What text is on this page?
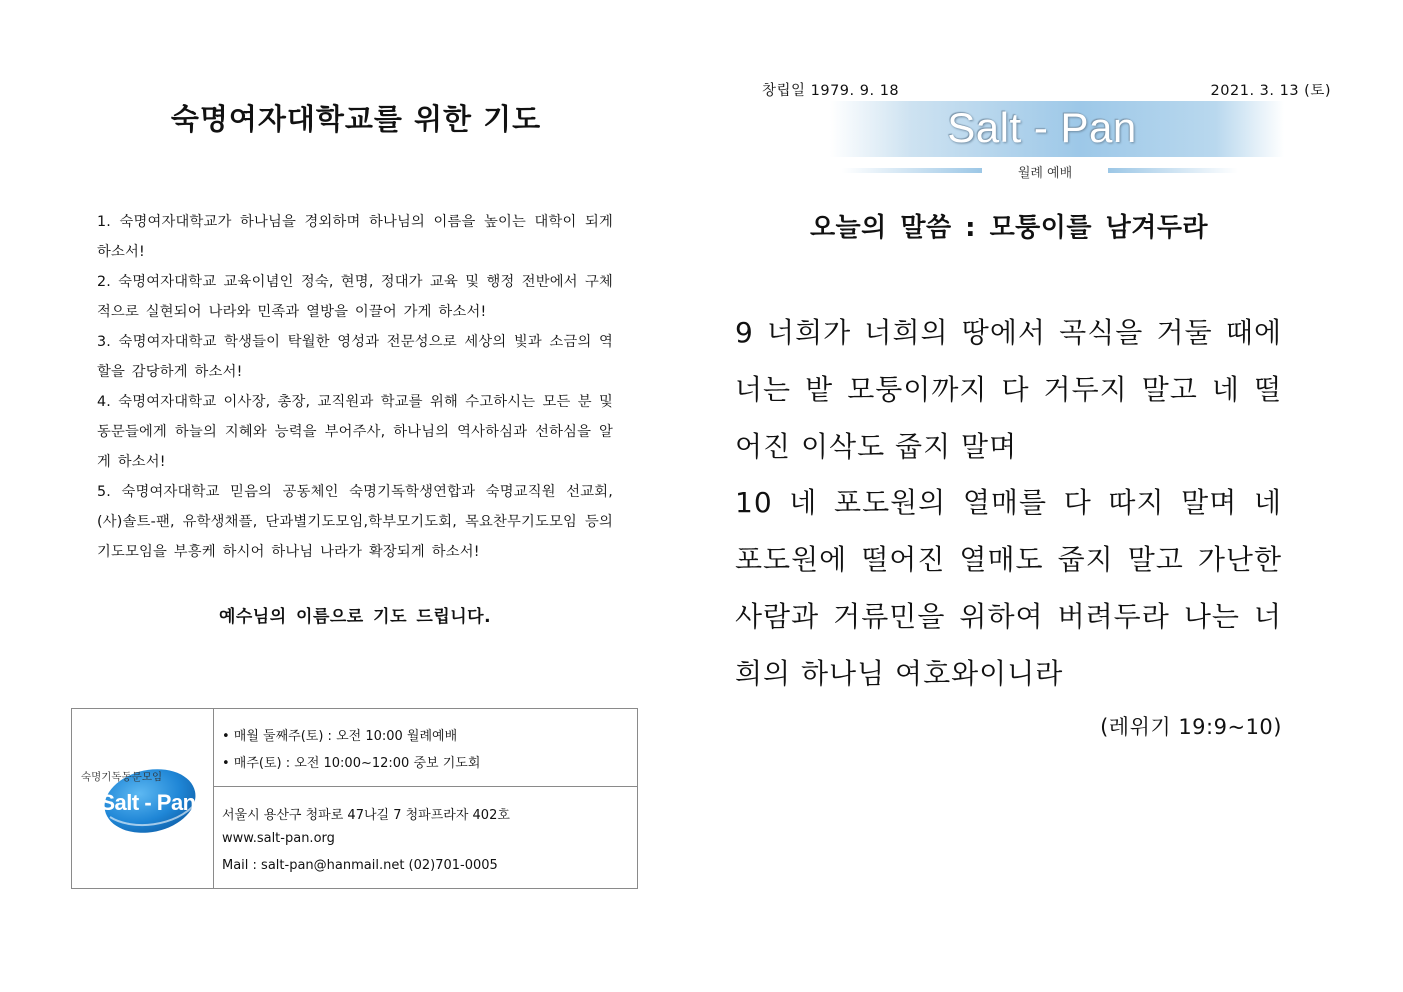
숙명여자대학교를 위한 기도
1. 숙명여자대학교가 하나님을 경외하며 하나님의 이름을 높이는 대학이 되게 하소서!
2. 숙명여자대학교 교육이념인 정숙, 현명, 정대가 교육 및 행정 전반에서 구체적으로 실현되어 나라와 민족과 열방을 이끌어 가게 하소서!
3. 숙명여자대학교 학생들이 탁월한 영성과 전문성으로 세상의 빛과 소금의 역할을 감당하게 하소서!
4. 숙명여자대학교 이사장, 총장, 교직원과 학교를 위해 수고하시는 모든 분 및 동문들에게 하늘의 지혜와 능력을 부어주사, 하나님의 역사하심과 선하심을 알게 하소서!
5. 숙명여자대학교 믿음의 공동체인 숙명기독학생연합과 숙명교직원 선교회, (사)솔트-팬, 유학생채플, 단과별기도모임,학부모기도회, 목요찬무기도모임 등의 기도모임을 부흥케 하시어 하나님 나라가 확장되게 하소서!
예수님의 이름으로 기도 드립니다.
숙명기독동문모임
Salt - Pan
• 매월 둘째주(토) : 오전 10:00 월례예배
• 매주(토) : 오전 10:00~12:00 중보 기도회
서울시 용산구 청파로 47나길 7 청파프라자 402호
www.salt-pan.org
Mail : salt-pan@hanmail.net (02)701-0005
창립일 1979. 9. 18	2021. 3. 13 (토)
Salt - Pan
월례 예배
오늘의 말씀 : 모퉁이를 남겨두라
9 너희가 너희의 땅에서 곡식을 거둘 때에
너는 밭 모퉁이까지 다 거두지 말고 네 떨
어진 이삭도 줍지 말며
10 네 포도원의 열매를 다 따지 말며 네
포도원에 떨어진 열매도 줍지 말고 가난한
사람과 거류민을 위하여 버려두라 나는 너
희의 하나님 여호와이니라
(레위기 19:9~10)
